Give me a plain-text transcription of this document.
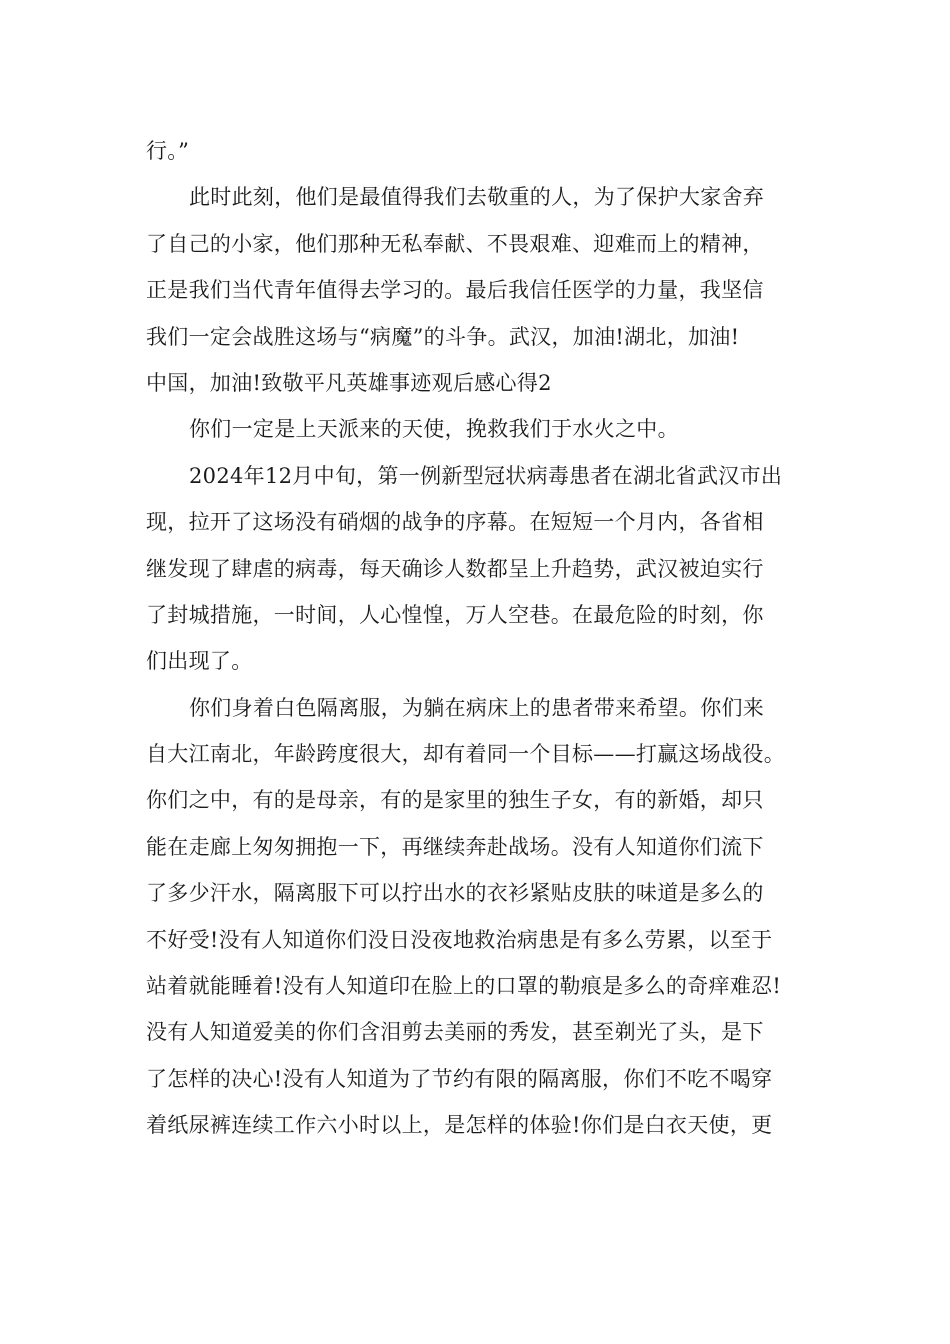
行。”
此时此刻，他们是最值得我们去敬重的人，为了保护大家舍弃
了自己的小家，他们那种无私奉献、不畏艰难、迎难而上的精神，
正是我们当代青年值得去学习的。最后我信任医学的力量，我坚信
我们一定会战胜这场与“病魔”的斗争。武汉，加油!湖北，加油!
中国，加油!致敬平凡英雄事迹观后感心得2
你们一定是上天派来的天使，挽救我们于水火之中。
2024年12月中旬，第一例新型冠状病毒患者在湖北省武汉市出
现，拉开了这场没有硝烟的战争的序幕。在短短一个月内，各省相
继发现了肆虐的病毒，每天确诊人数都呈上升趋势，武汉被迫实行
了封城措施，一时间，人心惶惶，万人空巷。在最危险的时刻，你
们出现了。
你们身着白色隔离服，为躺在病床上的患者带来希望。你们来
自大江南北，年龄跨度很大，却有着同一个目标——打赢这场战役。
你们之中，有的是母亲，有的是家里的独生子女，有的新婚，却只
能在走廊上匆匆拥抱一下，再继续奔赴战场。没有人知道你们流下
了多少汗水，隔离服下可以拧出水的衣衫紧贴皮肤的味道是多么的
不好受!没有人知道你们没日没夜地救治病患是有多么劳累，以至于
站着就能睡着!没有人知道印在脸上的口罩的勒痕是多么的奇痒难忍!
没有人知道爱美的你们含泪剪去美丽的秀发，甚至剃光了头，是下
了怎样的决心!没有人知道为了节约有限的隔离服，你们不吃不喝穿
着纸尿裤连续工作六小时以上，是怎样的体验!你们是白衣天使，更
